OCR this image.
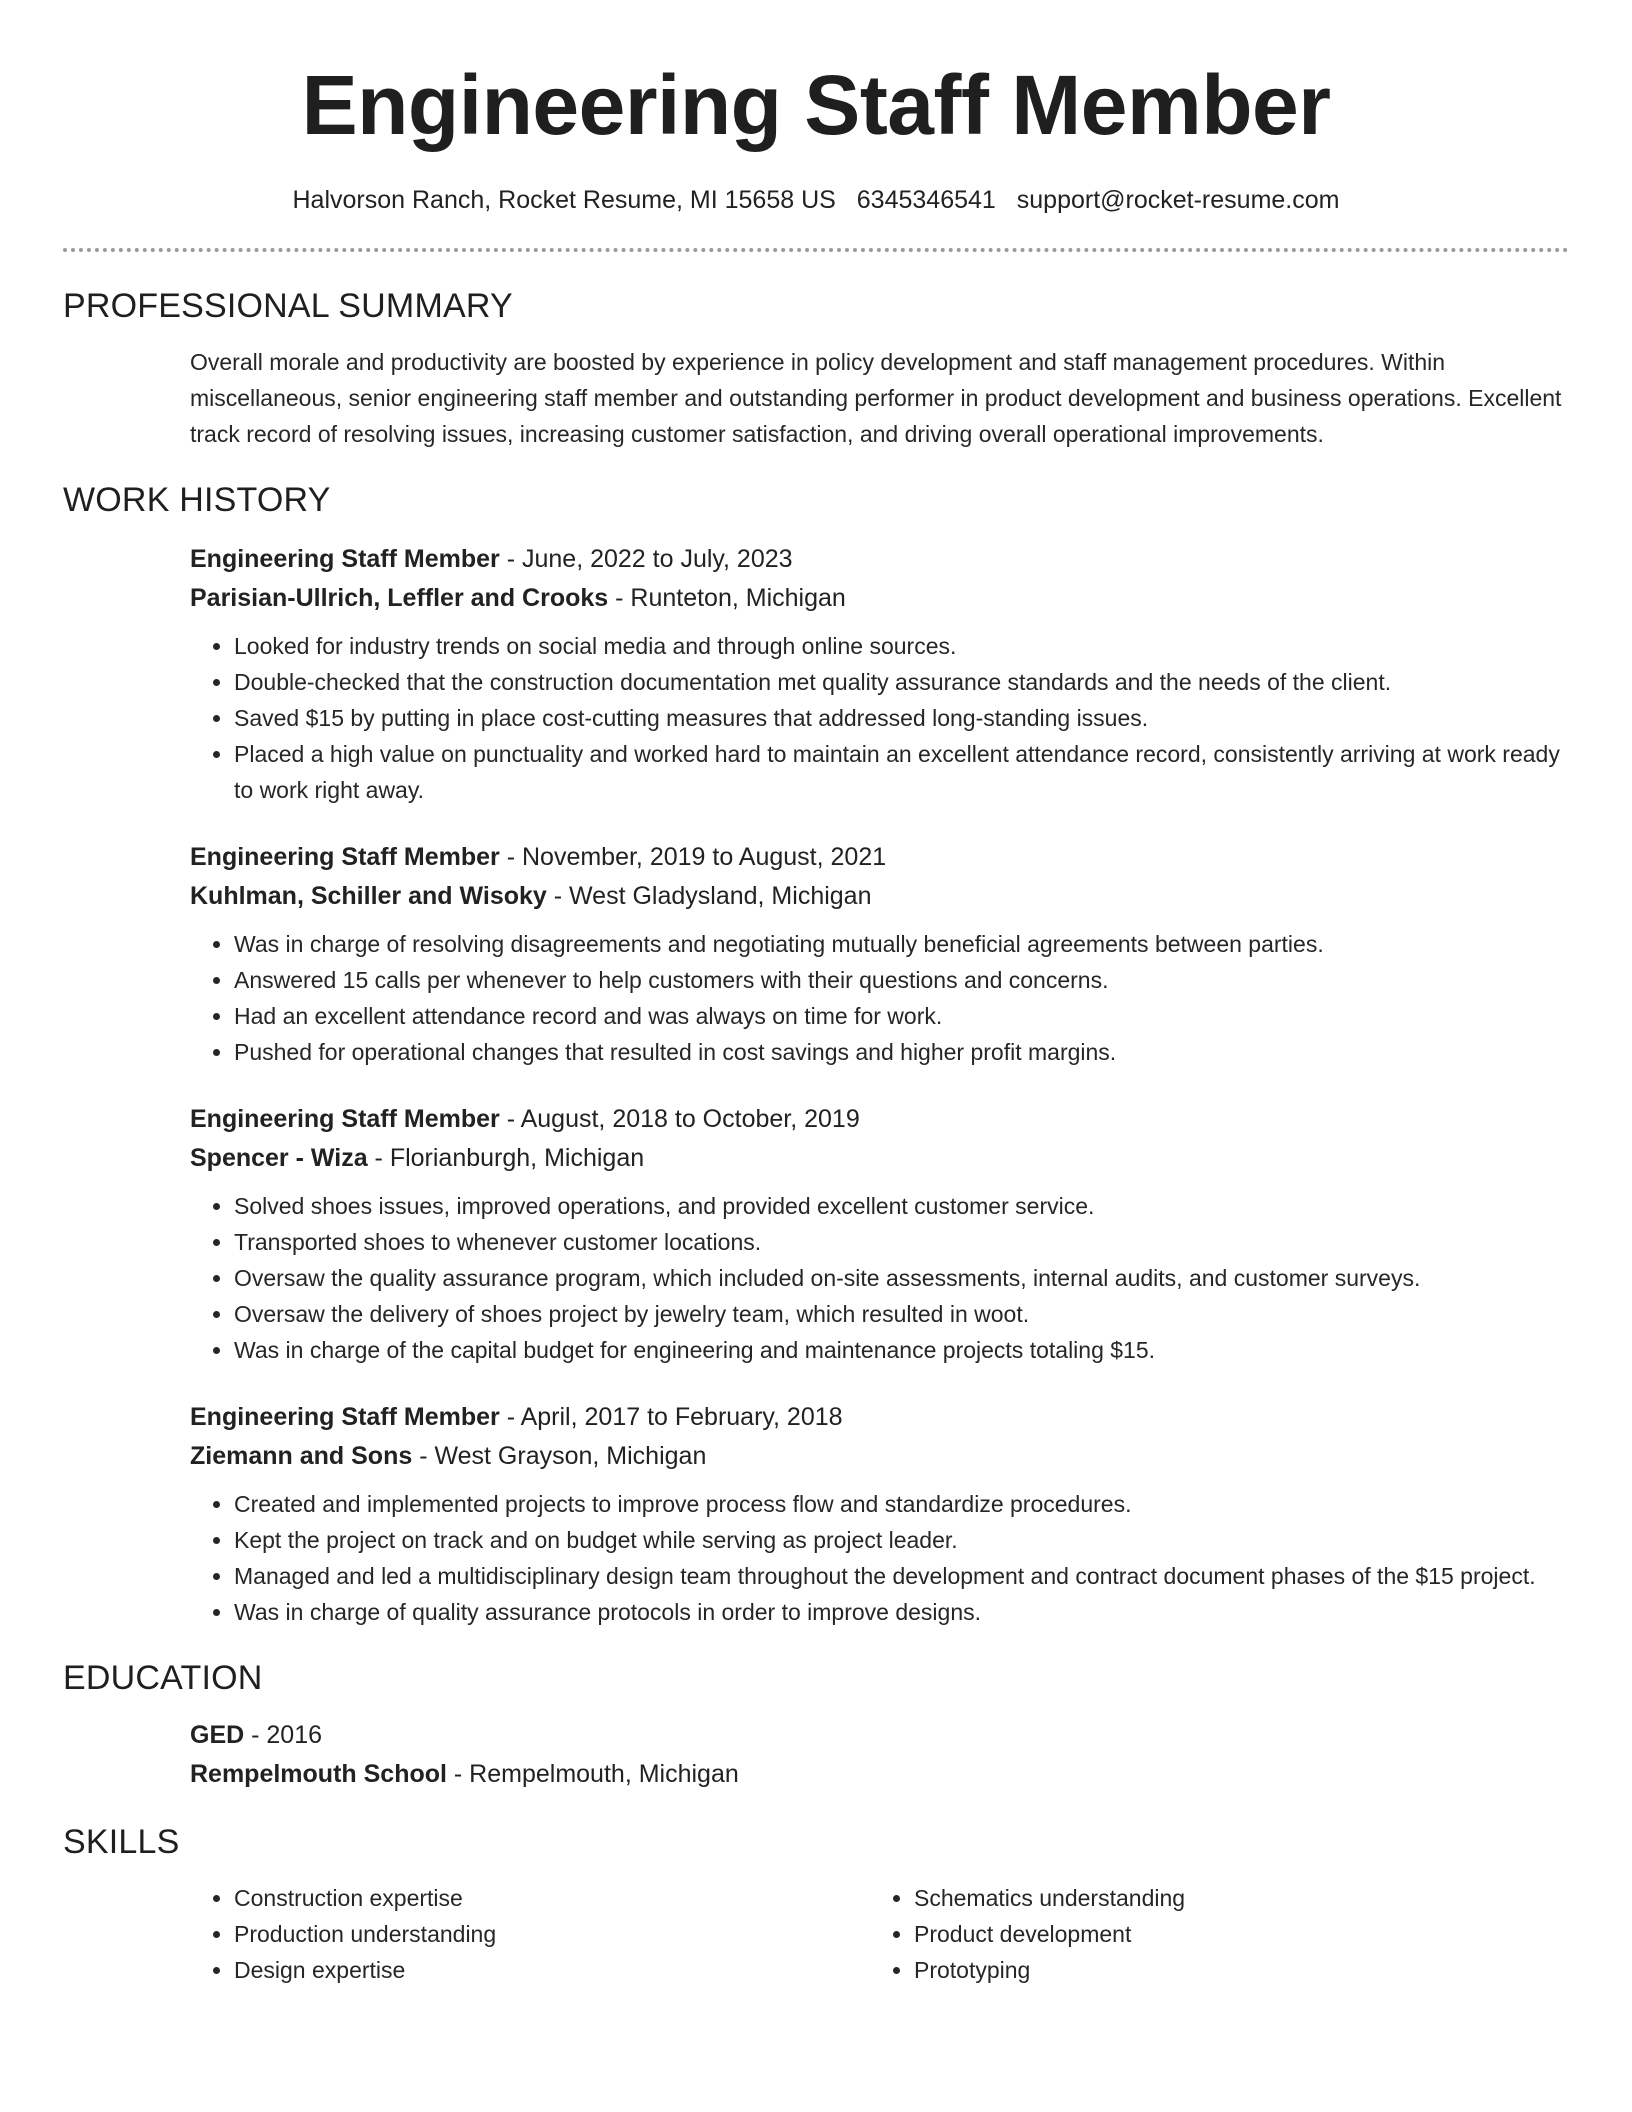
Engineering Staff Member
Halvorson Ranch, Rocket Resume, MI 15658 US 6345346541 support@rocket-resume.com
PROFESSIONAL SUMMARY

Overall morale and productivity are boosted by experience in policy development and staff management procedures. Within miscellaneous, senior engineering staff member and outstanding performer in product development and business operations. Excellent track record of resolving issues, increasing customer satisfaction, and driving overall operational improvements.

WORK HISTORY

Engineering Staff Member - June, 2022 to July, 2023

Parisian-Ullrich, Leffler and Crooks - Runteton, Michigan

• Looked for industry trends on social media and through online sources.
• Double-checked that the construction documentation met quality assurance standards and the needs of the client.
• Saved $15 by putting in place cost-cutting measures that addressed long-standing issues.
• Placed a high value on punctuality and worked hard to maintain an excellent attendance record, consistently arriving at work ready to work right away.

Engineering Staff Member - November, 2019 to August, 2021

Kuhlman, Schiller and Wisoky - West Gladysland, Michigan

• Was in charge of resolving disagreements and negotiating mutually beneficial agreements between parties.
• Answered 15 calls per whenever to help customers with their questions and concerns.
• Had an excellent attendance record and was always on time for work.
• Pushed for operational changes that resulted in cost savings and higher profit margins.

Engineering Staff Member - August, 2018 to October, 2019

Spencer - Wiza - Florianburgh, Michigan

• Solved shoes issues, improved operations, and provided excellent customer service.
• Transported shoes to whenever customer locations.
• Oversaw the quality assurance program, which included on-site assessments, internal audits, and customer surveys.
• Oversaw the delivery of shoes project by jewelry team, which resulted in woot.
• Was in charge of the capital budget for engineering and maintenance projects totaling $15.

Engineering Staff Member - April, 2017 to February, 2018

Ziemann and Sons - West Grayson, Michigan

• Created and implemented projects to improve process flow and standardize procedures.
• Kept the project on track and on budget while serving as project leader.
• Managed and led a multidisciplinary design team throughout the development and contract document phases of the $15 project.
• Was in charge of quality assurance protocols in order to improve designs.
EDUCATION

GED - 2016

Rempelmouth School - Rempelmouth, Michigan

SKILLS
• Construction expertise
• Production understanding
• Design expertise
• Schematics understanding
• Product development
• Prototyping
